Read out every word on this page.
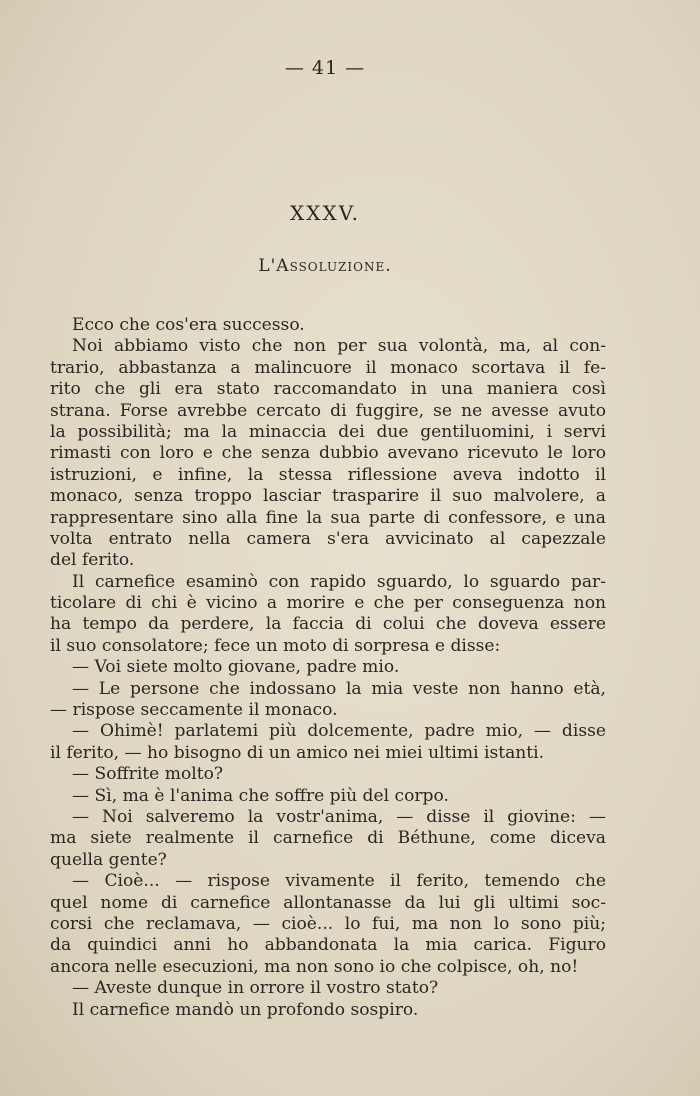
— 41 —
XXXV.
L'Assoluzione.
Ecco che cos'era successo.
Noi abbiamo visto che non per sua volontà, ma, al con-
trario, abbastanza a malincuore il monaco scortava il fe-
rito che gli era stato raccomandato in una maniera così
strana. Forse avrebbe cercato di fuggire, se ne avesse avuto
la possibilità; ma la minaccia dei due gentiluomini, i servi
rimasti con loro e che senza dubbio avevano ricevuto le loro
istruzioni, e infine, la stessa riflessione aveva indotto il
monaco, senza troppo lasciar trasparire il suo malvolere, a
rappresentare sino alla fine la sua parte di confessore, e una
volta entrato nella camera s'era avvicinato al capezzale
del ferito.
Il carnefice esaminò con rapido sguardo, lo sguardo par-
ticolare di chi è vicino a morire e che per conseguenza non
ha tempo da perdere, la faccia di colui che doveva essere
il suo consolatore; fece un moto di sorpresa e disse:
— Voi siete molto giovane, padre mio.
— Le persone che indossano la mia veste non hanno età,
— rispose seccamente il monaco.
— Ohimè! parlatemi più dolcemente, padre mio, — disse
il ferito, — ho bisogno di un amico nei miei ultimi istanti.
— Soffrite molto?
— Sì, ma è l'anima che soffre più del corpo.
— Noi salveremo la vostr'anima, — disse il giovine: —
ma siete realmente il carnefice di Béthune, come diceva
quella gente?
— Cioè... — rispose vivamente il ferito, temendo che
quel nome di carnefice allontanasse da lui gli ultimi soc-
corsi che reclamava, — cioè... lo fui, ma non lo sono più;
da quindici anni ho abbandonata la mia carica. Figuro
ancora nelle esecuzioni, ma non sono io che colpisce, oh, no!
— Aveste dunque in orrore il vostro stato?
Il carnefice mandò un profondo sospiro.
